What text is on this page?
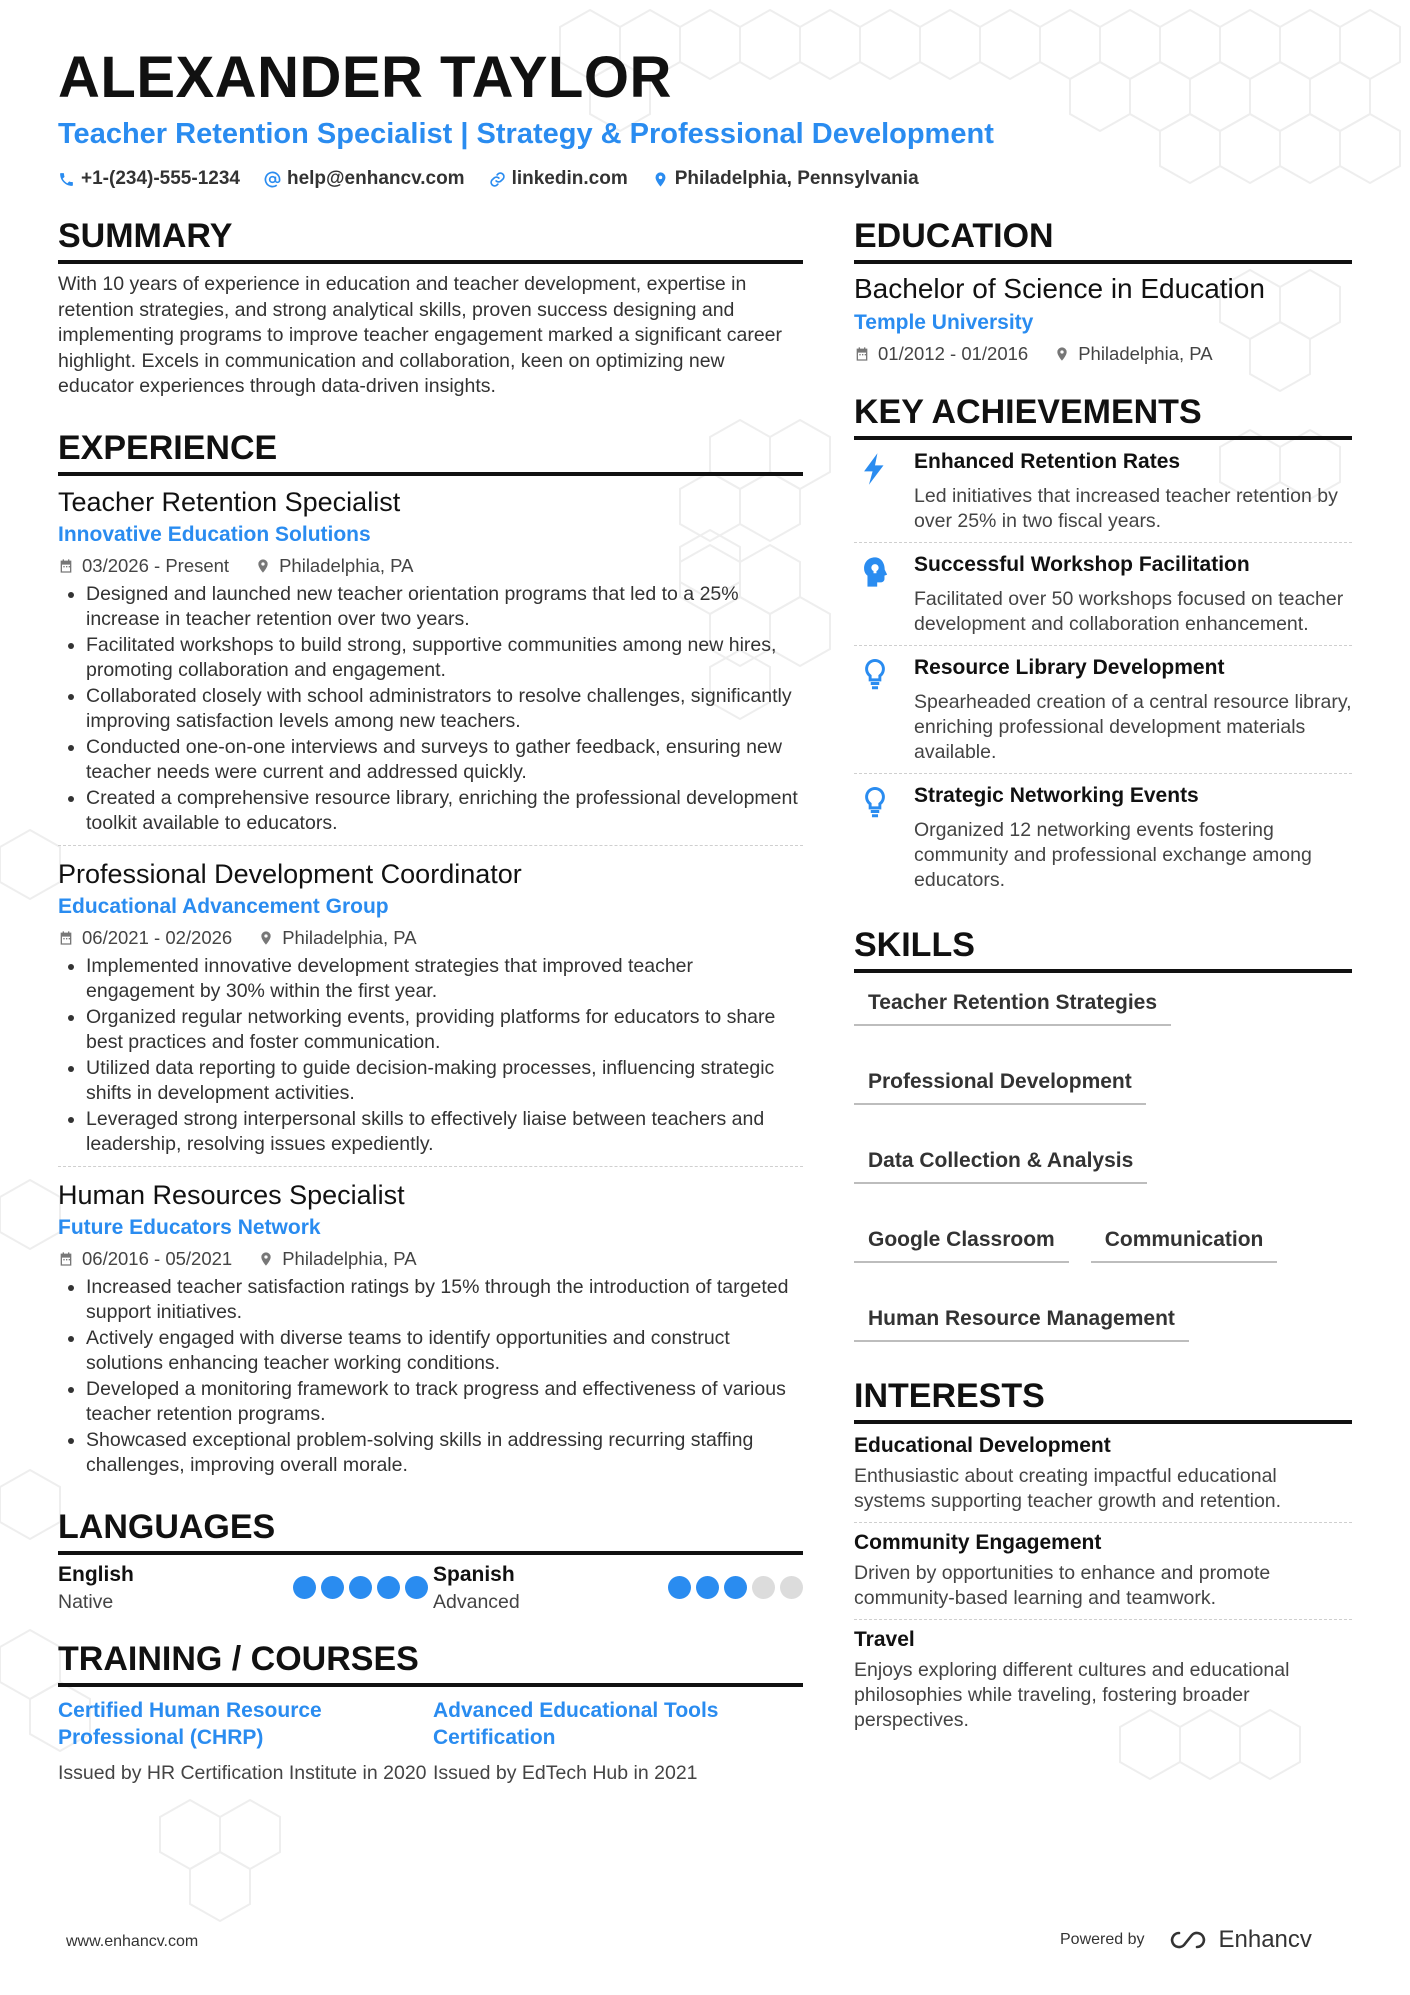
ALEXANDER TAYLOR
Teacher Retention Specialist | Strategy & Professional Development
+1-(234)-555-1234 help@enhancv.com linkedin.com Philadelphia, Pennsylvania
SUMMARY

With 10 years of experience in education and teacher development, expertise in retention strategies, and strong analytical skills, proven success designing and implementing programs to improve teacher engagement marked a significant career highlight. Excels in communication and collaboration, keen on optimizing new educator experiences through data-driven insights.

EXPERIENCE

Teacher Retention Specialist

Innovative Education Solutions

03/2026 - Present	Philadelphia, PA
• Designed and launched new teacher orientation programs that led to a 25% increase in teacher retention over two years.
• Facilitated workshops to build strong, supportive communities among new hires, promoting collaboration and engagement.
• Collaborated closely with school administrators to resolve challenges, significantly improving satisfaction levels among new teachers.
• Conducted one-on-one interviews and surveys to gather feedback, ensuring new teacher needs were current and addressed quickly.
• Created a comprehensive resource library, enriching the professional development toolkit available to educators.

Professional Development Coordinator

Educational Advancement Group

06/2021 - 02/2026	Philadelphia, PA
• Implemented innovative development strategies that improved teacher engagement by 30% within the first year.
• Organized regular networking events, providing platforms for educators to share best practices and foster communication.
• Utilized data reporting to guide decision-making processes, influencing strategic shifts in development activities.
• Leveraged strong interpersonal skills to effectively liaise between teachers and leadership, resolving issues expediently.

Human Resources Specialist

Future Educators Network

06/2016 - 05/2021	Philadelphia, PA
• Increased teacher satisfaction ratings by 15% through the introduction of targeted support initiatives.
• Actively engaged with diverse teams to identify opportunities and construct solutions enhancing teacher working conditions.
• Developed a monitoring framework to track progress and effectiveness of various teacher retention programs.
• Showcased exceptional problem-solving skills in addressing recurring staffing challenges, improving overall morale.
LANGUAGES
English
Native
Spanish
Advanced
TRAINING / COURSES

Certified Human Resource Professional (CHRP)

Issued by HR Certification Institute in 2020

Advanced Educational Tools Certification

Issued by EdTech Hub in 2021

EDUCATION

Bachelor of Science in Education

Temple University

01/2012 - 01/2016	Philadelphia, PA
KEY ACHIEVEMENTS

Enhanced Retention Rates

Led initiatives that increased teacher retention by over 25% in two fiscal years.

Successful Workshop Facilitation

Facilitated over 50 workshops focused on teacher development and collaboration enhancement.

Resource Library Development

Spearheaded creation of a central resource library, enriching professional development materials available.

Strategic Networking Events

Organized 12 networking events fostering community and professional exchange among educators.

SKILLS
Teacher Retention Strategies
Professional Development
Data Collection & Analysis
Google Classroom	Communication
Human Resource Management
INTERESTS

Educational Development

Enthusiastic about creating impactful educational systems supporting teacher growth and retention.

Community Engagement

Driven by opportunities to enhance and promote community-based learning and teamwork.

Travel

Enjoys exploring different cultures and educational philosophies while traveling, fostering broader perspectives.

www.enhancv.com	Powered by	Enhancv
